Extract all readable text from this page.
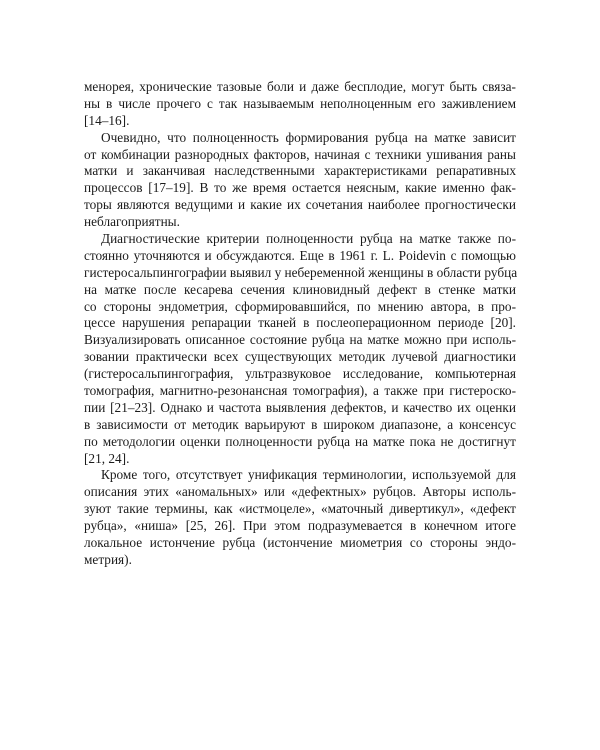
менорея, хронические тазовые боли и даже бесплодие, могут быть связа-
ны в числе прочего с так называемым неполноценным его заживлением
[14–16].
Очевидно, что полноценность формирования рубца на матке зависит
от комбинации разнородных факторов, начиная с техники ушивания раны
матки и заканчивая наследственными характеристиками репаративных
процессов [17–19]. В то же время остается неясным, какие именно фак-
торы являются ведущими и какие их сочетания наиболее прогностически
неблагоприятны.
Диагностические критерии полноценности рубца на матке также по-
стоянно уточняются и обсуждаются. Еще в 1961 г. L. Poidevin с помощью
гистеросальпингографии выявил у небеременной женщины в области рубца
на матке после кесарева сечения клиновидный дефект в стенке матки
со стороны эндометрия, сформировавшийся, по мнению автора, в про-
цессе нарушения репарации тканей в послеоперационном периоде [20].
Визуализировать описанное состояние рубца на матке можно при исполь-
зовании практически всех существующих методик лучевой диагностики
(гистеросальпингография, ультразвуковое исследование, компьютерная
томография, магнитно-резонансная томография), а также при гистероско-
пии [21–23]. Однако и частота выявления дефектов, и качество их оценки
в зависимости от методик варьируют в широком диапазоне, а консенсус
по методологии оценки полноценности рубца на матке пока не достигнут
[21, 24].
Кроме того, отсутствует унификация терминологии, используемой для
описания этих «аномальных» или «дефектных» рубцов. Авторы исполь-
зуют такие термины, как «истмоцеле», «маточный дивертикул», «дефект
рубца», «ниша» [25, 26]. При этом подразумевается в конечном итоге
локальное истончение рубца (истончение миометрия со стороны эндо-
метрия).
